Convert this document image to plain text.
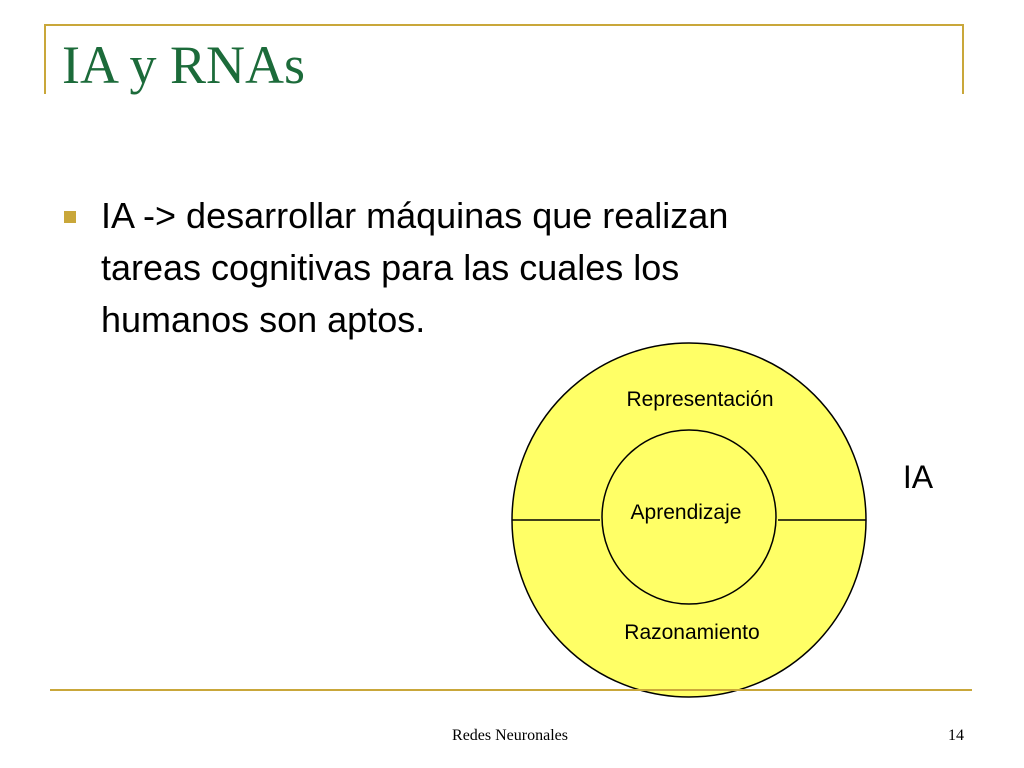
IA y RNAs

IA -> desarrollar máquinas que realizan
tareas cognitivas para las cuales los
humanos son aptos.

Representación
Aprendizaje
Razonamiento
IA
Redes Neuronales	14
